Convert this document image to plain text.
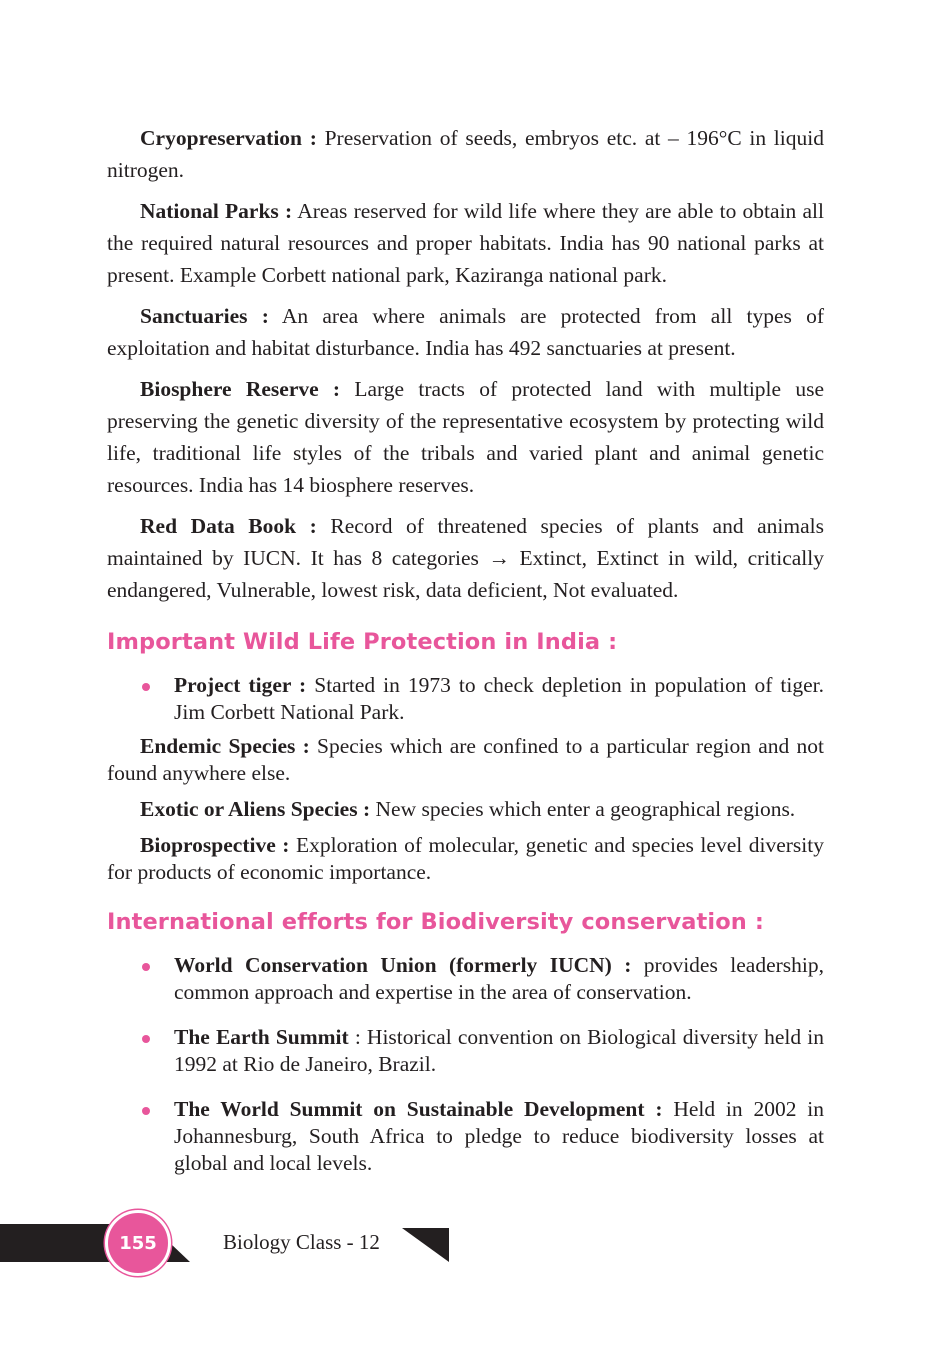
Cryopreservation : Preservation of seeds, embryos etc. at – 196°C in liquid nitrogen.

National Parks : Areas reserved for wild life where they are able to obtain all the required natural resources and proper habitats. India has 90 national parks at present. Example Corbett national park, Kaziranga national park.

Sanctuaries : An area where animals are protected from all types of exploitation and habitat disturbance. India has 492 sanctuaries at present.

Biosphere Reserve : Large tracts of protected land with multiple use preserving the genetic diversity of the representative ecosystem by protecting wild life, traditional life styles of the tribals and varied plant and animal genetic resources. India has 14 biosphere reserves.

Red Data Book : Record of threatened species of plants and animals maintained by IUCN. It has 8 categories → Extinct, Extinct in wild, critically endangered, Vulnerable, lowest risk, data deficient, Not evaluated.

Important Wild Life Protection in India :
Project tiger : Started in 1973 to check depletion in population of tiger. Jim Corbett National Park.

Endemic Species : Species which are confined to a particular region and not found anywhere else.

Exotic or Aliens Species : New species which enter a geographical regions.

Bioprospective : Exploration of molecular, genetic and species level diversity for products of economic importance.

International efforts for Biodiversity conservation :
World Conservation Union (formerly IUCN) : provides leadership, common approach and expertise in the area of conservation.
The Earth Summit : Historical convention on Biological diversity held in 1992 at Rio de Janeiro, Brazil.
The World Summit on Sustainable Development : Held in 2002 in Johannesburg, South Africa to pledge to reduce biodiversity losses at global and local levels.
155	Biology Class - 12
